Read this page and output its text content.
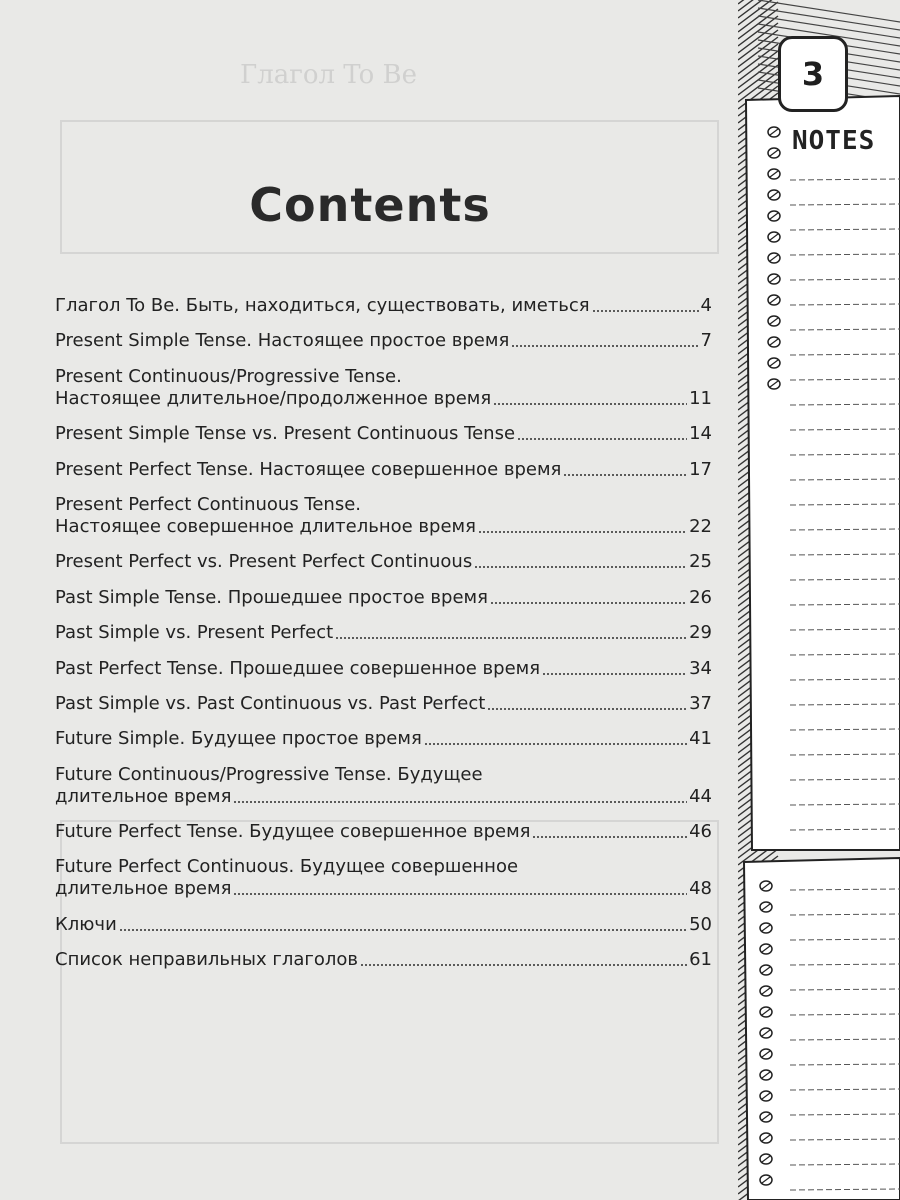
Глагол To Be
Contents
Глагол To Be. Быть, находиться, существовать, иметься	4
Present Simple Tense. Настоящее простое время	7
Present Continuous/Progressive Tense.
Настоящее длительное/продолженное время	11
Present Simple Tense vs. Present Continuous Tense	14
Present Perfect Tense. Настоящее совершенное время	17
Present Perfect Continuous Tense.
Настоящее совершенное длительное время	22
Present Perfect vs. Present Perfect Continuous	25
Past Simple Tense. Прошедшее простое время	26
Past Simple vs. Present Perfect	29
Past Perfect Tense. Прошедшее совершенное время	34
Past Simple vs. Past Continuous vs. Past Perfect	37
Future Simple. Будущее простое время	41
Future Continuous/Progressive Tense. Будущее
длительное время	44
Future Perfect Tense. Будущее совершенное время	46
Future Perfect Continuous. Будущее совершенное
длительное время	48
Ключи	50
Список неправильных глаголов	61
3
NOTES
